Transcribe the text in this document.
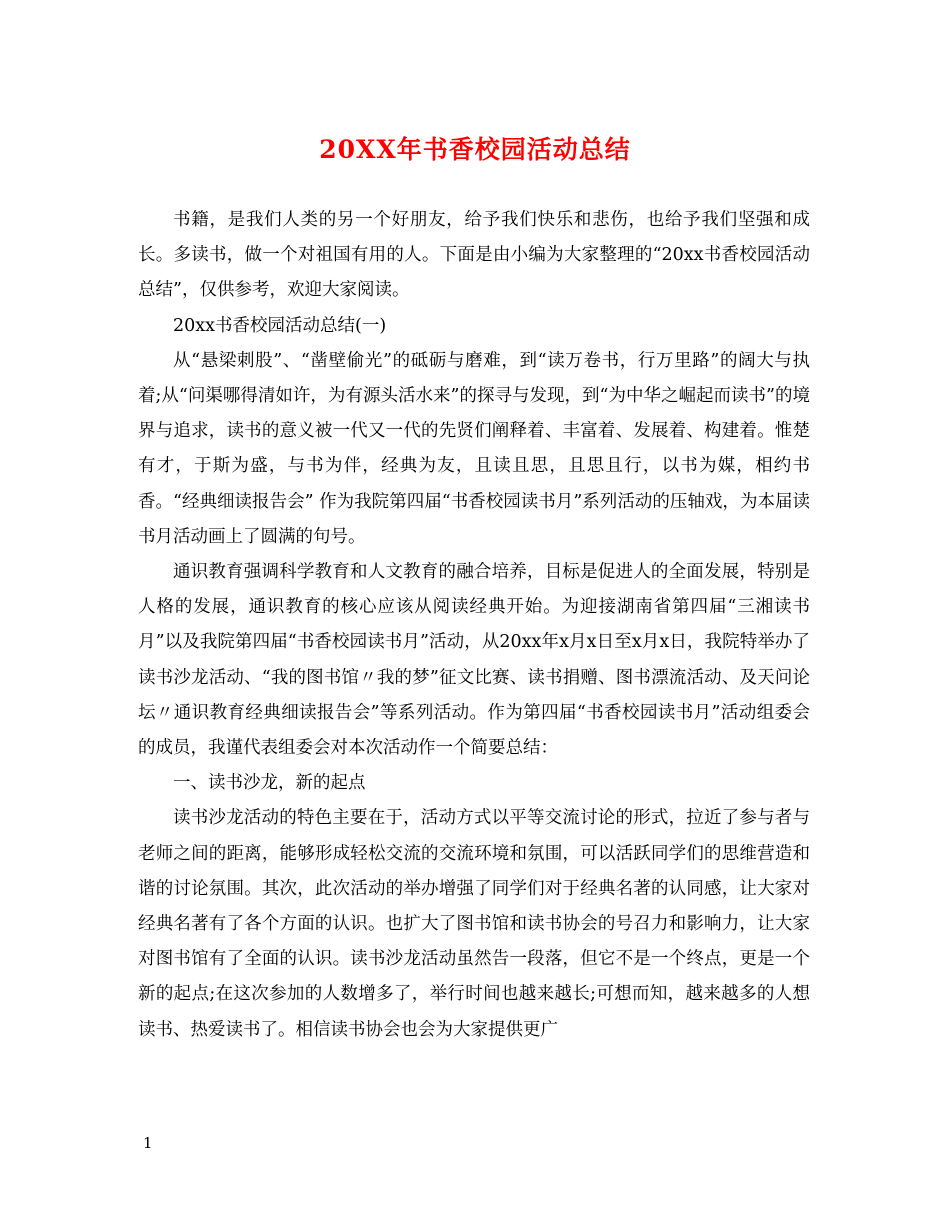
20XX年书香校园活动总结

书籍，是我们人类的另一个好朋友，给予我们快乐和悲伤，也给予我们坚强和成长。多读书，做一个对祖国有用的人。下面是由小编为大家整理的“20xx书香校园活动总结”，仅供参考，欢迎大家阅读。

20xx书香校园活动总结(一)

从“悬梁刺股”、“凿壁偷光”的砥砺与磨难，到“读万卷书，行万里路”的阔大与执着;从“问渠哪得清如许，为有源头活水来”的探寻与发现，到“为中华之崛起而读书”的境界与追求，读书的意义被一代又一代的先贤们阐释着、丰富着、发展着、构建着。惟楚有才，于斯为盛，与书为伴，经典为友，且读且思，且思且行，以书为媒，相约书香。“经典细读报告会” 作为我院第四届“书香校园读书月”系列活动的压轴戏，为本届读书月活动画上了圆满的句号。

通识教育强调科学教育和人文教育的融合培养，目标是促进人的全面发展，特别是人格的发展，通识教育的核心应该从阅读经典开始。为迎接湖南省第四届“三湘读书月”以及我院第四届“书香校园读书月”活动，从20xx年x月x日至x月x日，我院特举办了读书沙龙活动、“我的图书馆〃我的梦”征文比赛、读书捐赠、图书漂流活动、及天问论坛〃通识教育经典细读报告会”等系列活动。作为第四届“书香校园读书月”活动组委会的成员，我谨代表组委会对本次活动作一个简要总结：

一、读书沙龙，新的起点

读书沙龙活动的特色主要在于，活动方式以平等交流讨论的形式，拉近了参与者与老师之间的距离，能够形成轻松交流的交流环境和氛围，可以活跃同学们的思维营造和谐的讨论氛围。其次，此次活动的举办增强了同学们对于经典名著的认同感，让大家对经典名著有了各个方面的认识。也扩大了图书馆和读书协会的号召力和影响力，让大家对图书馆有了全面的认识。读书沙龙活动虽然告一段落，但它不是一个终点，更是一个新的起点;在这次参加的人数增多了，举行时间也越来越长;可想而知，越来越多的人想读书、热爱读书了。相信读书协会也会为大家提供更广

1
